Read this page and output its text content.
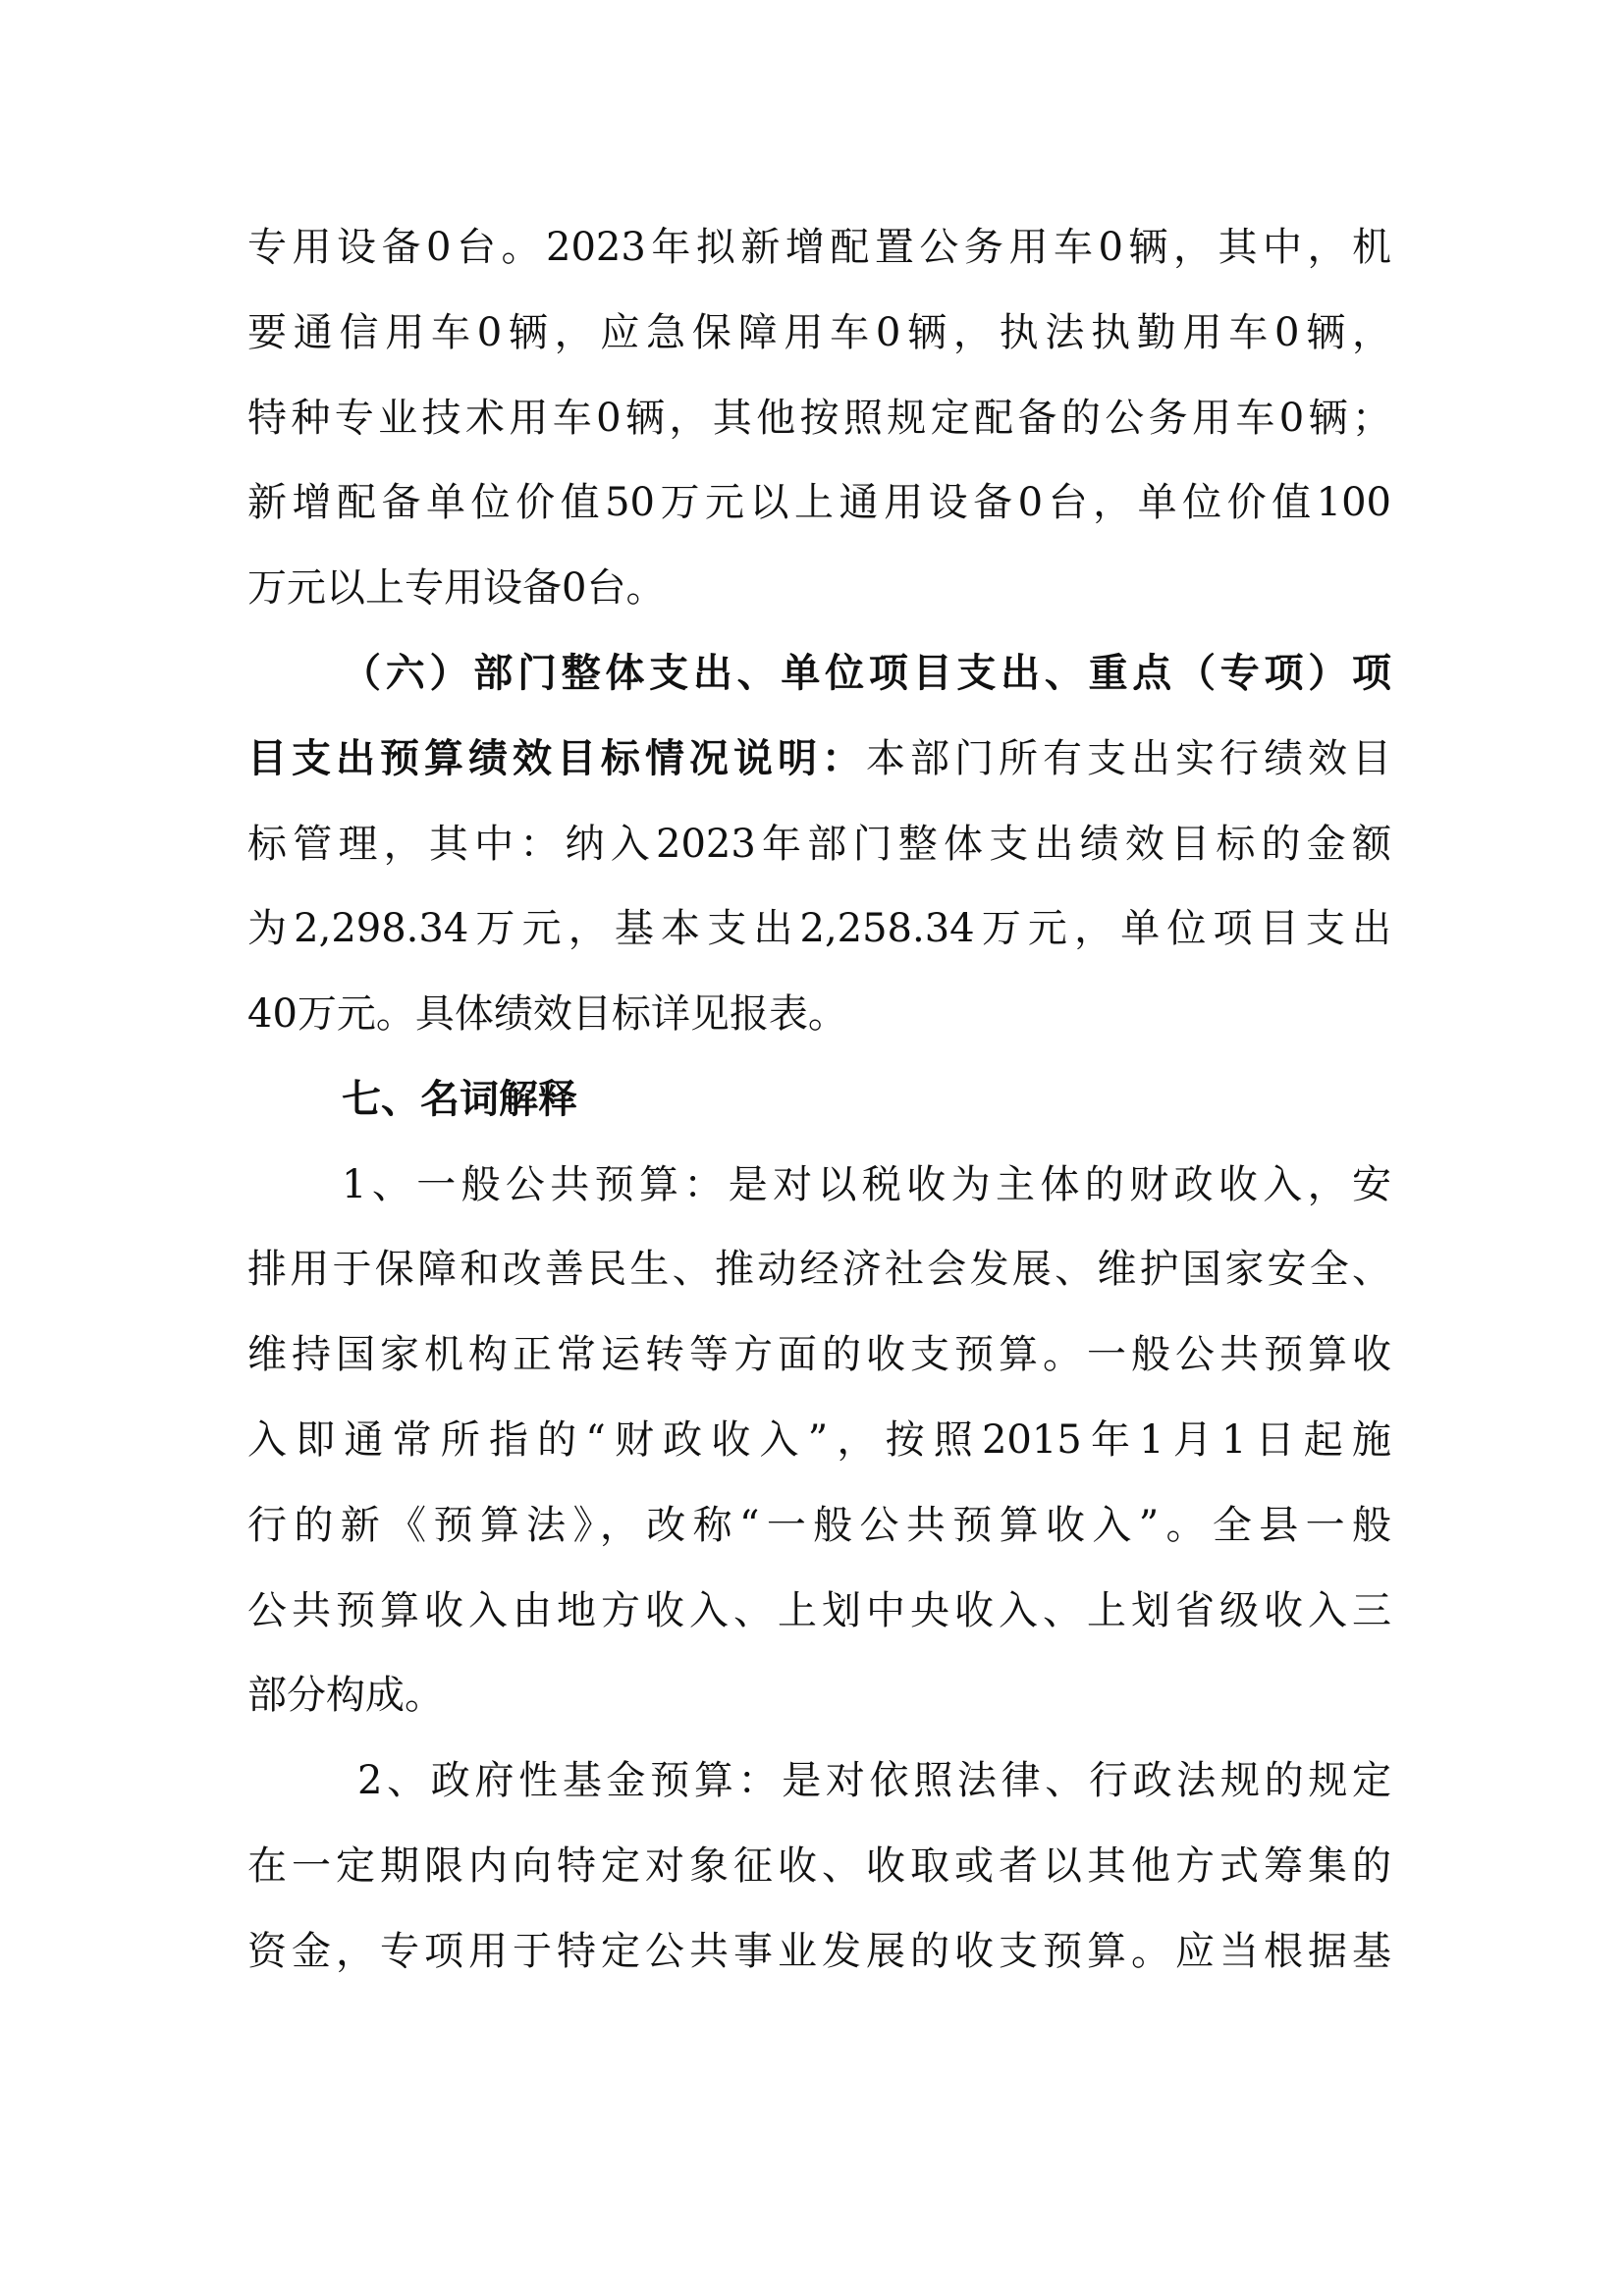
专用设备0台。2023年拟新增配置公务用车0辆，其中，机
要通信用车0辆，应急保障用车0辆，执法执勤用车0辆，
特种专业技术用车0辆，其他按照规定配备的公务用车0辆；
新增配备单位价值50万元以上通用设备0台，单位价值100
万元以上专用设备0台。
（六）部门整体支出、单位项目支出、重点（专项）项
目支出预算绩效目标情况说明：本部门所有支出实行绩效目
标管理，其中：纳入2023年部门整体支出绩效目标的金额
为2,298.34万元，基本支出2,258.34万元，单位项目支出
40万元。具体绩效目标详见报表。
七、名词解释
1、一般公共预算：是对以税收为主体的财政收入，安
排用于保障和改善民生、推动经济社会发展、维护国家安全、
维持国家机构正常运转等方面的收支预算。一般公共预算收
入即通常所指的“财政收入”，按照2015年1月1日起施
行的新《预算法》，改称“一般公共预算收入”。全县一般
公共预算收入由地方收入、上划中央收入、上划省级收入三
部分构成。
2、政府性基金预算：是对依照法律、行政法规的规定
在一定期限内向特定对象征收、收取或者以其他方式筹集的
资金，专项用于特定公共事业发展的收支预算。应当根据基
